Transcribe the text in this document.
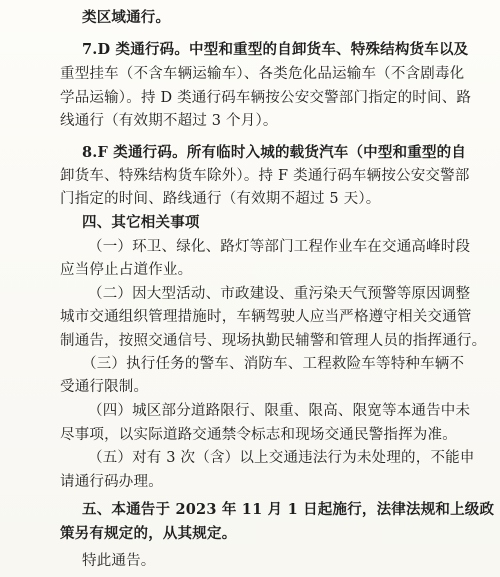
类区域通行。
7.D 类通行码。中型和重型的自卸货车、特殊结构货车以及
重型挂车（不含车辆运输车）、各类危化品运输车（不含剧毒化
学品运输）。持 D 类通行码车辆按公安交警部门指定的时间、路
线通行（有效期不超过 3 个月）。
8.F 类通行码。所有临时入城的载货汽车（中型和重型的自
卸货车、特殊结构货车除外）。持 F 类通行码车辆按公安交警部
门指定的时间、路线通行（有效期不超过 5 天）。
四、其它相关事项
（一）环卫、绿化、路灯等部门工程作业车在交通高峰时段
应当停止占道作业。
（二）因大型活动、市政建设、重污染天气预警等原因调整
城市交通组织管理措施时，车辆驾驶人应当严格遵守相关交通管
制通告，按照交通信号、现场执勤民辅警和管理人员的指挥通行。
（三）执行任务的警车、消防车、工程救险车等特种车辆不
受通行限制。
（四）城区部分道路限行、限重、限高、限宽等本通告中未
尽事项，以实际道路交通禁令标志和现场交通民警指挥为准。
（五）对有 3 次（含）以上交通违法行为未处理的，不能申
请通行码办理。
五、本通告于 2023 年 11 月 1 日起施行，法律法规和上级政
策另有规定的，从其规定。
特此通告。
